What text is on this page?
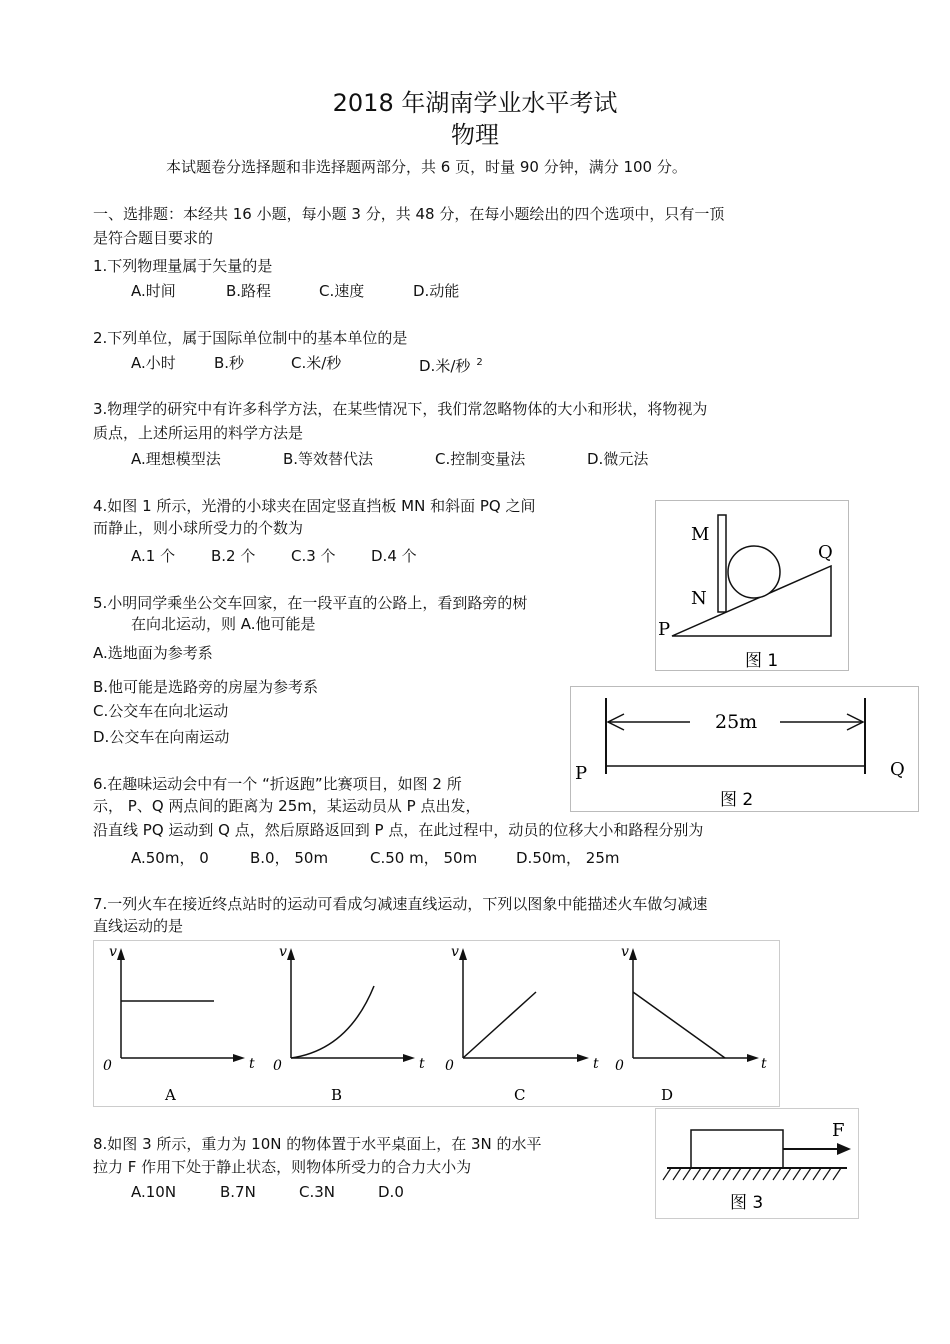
2018 年湖南学业水平考试
物理
本试题卷分选择题和非选择题两部分，共 6 页，时量 90 分钟，满分 100 分。
一、选排题：本经共 16 小题，每小题 3 分，共 48 分，在每小题绘出的四个选项中，只有一顶
是符合题目要求的
1.下列物理量属于矢量的是
A.时间	B.路程	C.速度	D.动能
2.下列单位，属于国际单位制中的基本单位的是
A.小时	B.秒	C.米/秒	D.米/秒 $^2$
3.物理学的研究中有许多科学方法，在某些情况下，我们常忽略物体的大小和形状，将物视为
质点，上述所运用的料学方法是
A.理想模型法	B.等效替代法	C.控制变量法	D.微元法
4.如图 1 所示，光滑的小球夹在固定竖直挡板 MN 和斜面 PQ 之间
而静止，则小球所受力的个数为
A.1 个 B.2 个 C.3 个 D.4 个
M
N
P
Q
图 1
5.小明同学乘坐公交车回家，在一段平直的公路上，看到路旁的树
在向北运动，则 A.他可能是
A.选地面为参考系
B.他可能是选路旁的房屋为参考系
C.公交车在向北运动
D.公交车在向南运动
25m
P	Q
图 2
6.在趣味运动会中有一个 “折返跑”比赛项目，如图 2 所
示， P、Q 两点间的距离为 25m，某运动员从 P 点出发，
沿直线 PQ 运动到 Q 点，然后原路返回到 P 点，在此过程中，动员的位移大小和路程分别为
A.50m， 0	B.0， 50m	C.50 m， 50m	D.50m， 25m
7.一列火车在接近终点站时的运动可看成匀减速直线运动，下列以图象中能描述火车做匀减速
直线运动的是
v
t
0
A
v
t
0
B
v
t
0
C
v
t
0
D
8.如图 3 所示，重力为 10N 的物体置于水平桌面上，在 3N 的水平
拉力 F 作用下处于静止状态，则物体所受力的合力大小为
A.10N	B.7N	C.3N	D.0
F
图 3
